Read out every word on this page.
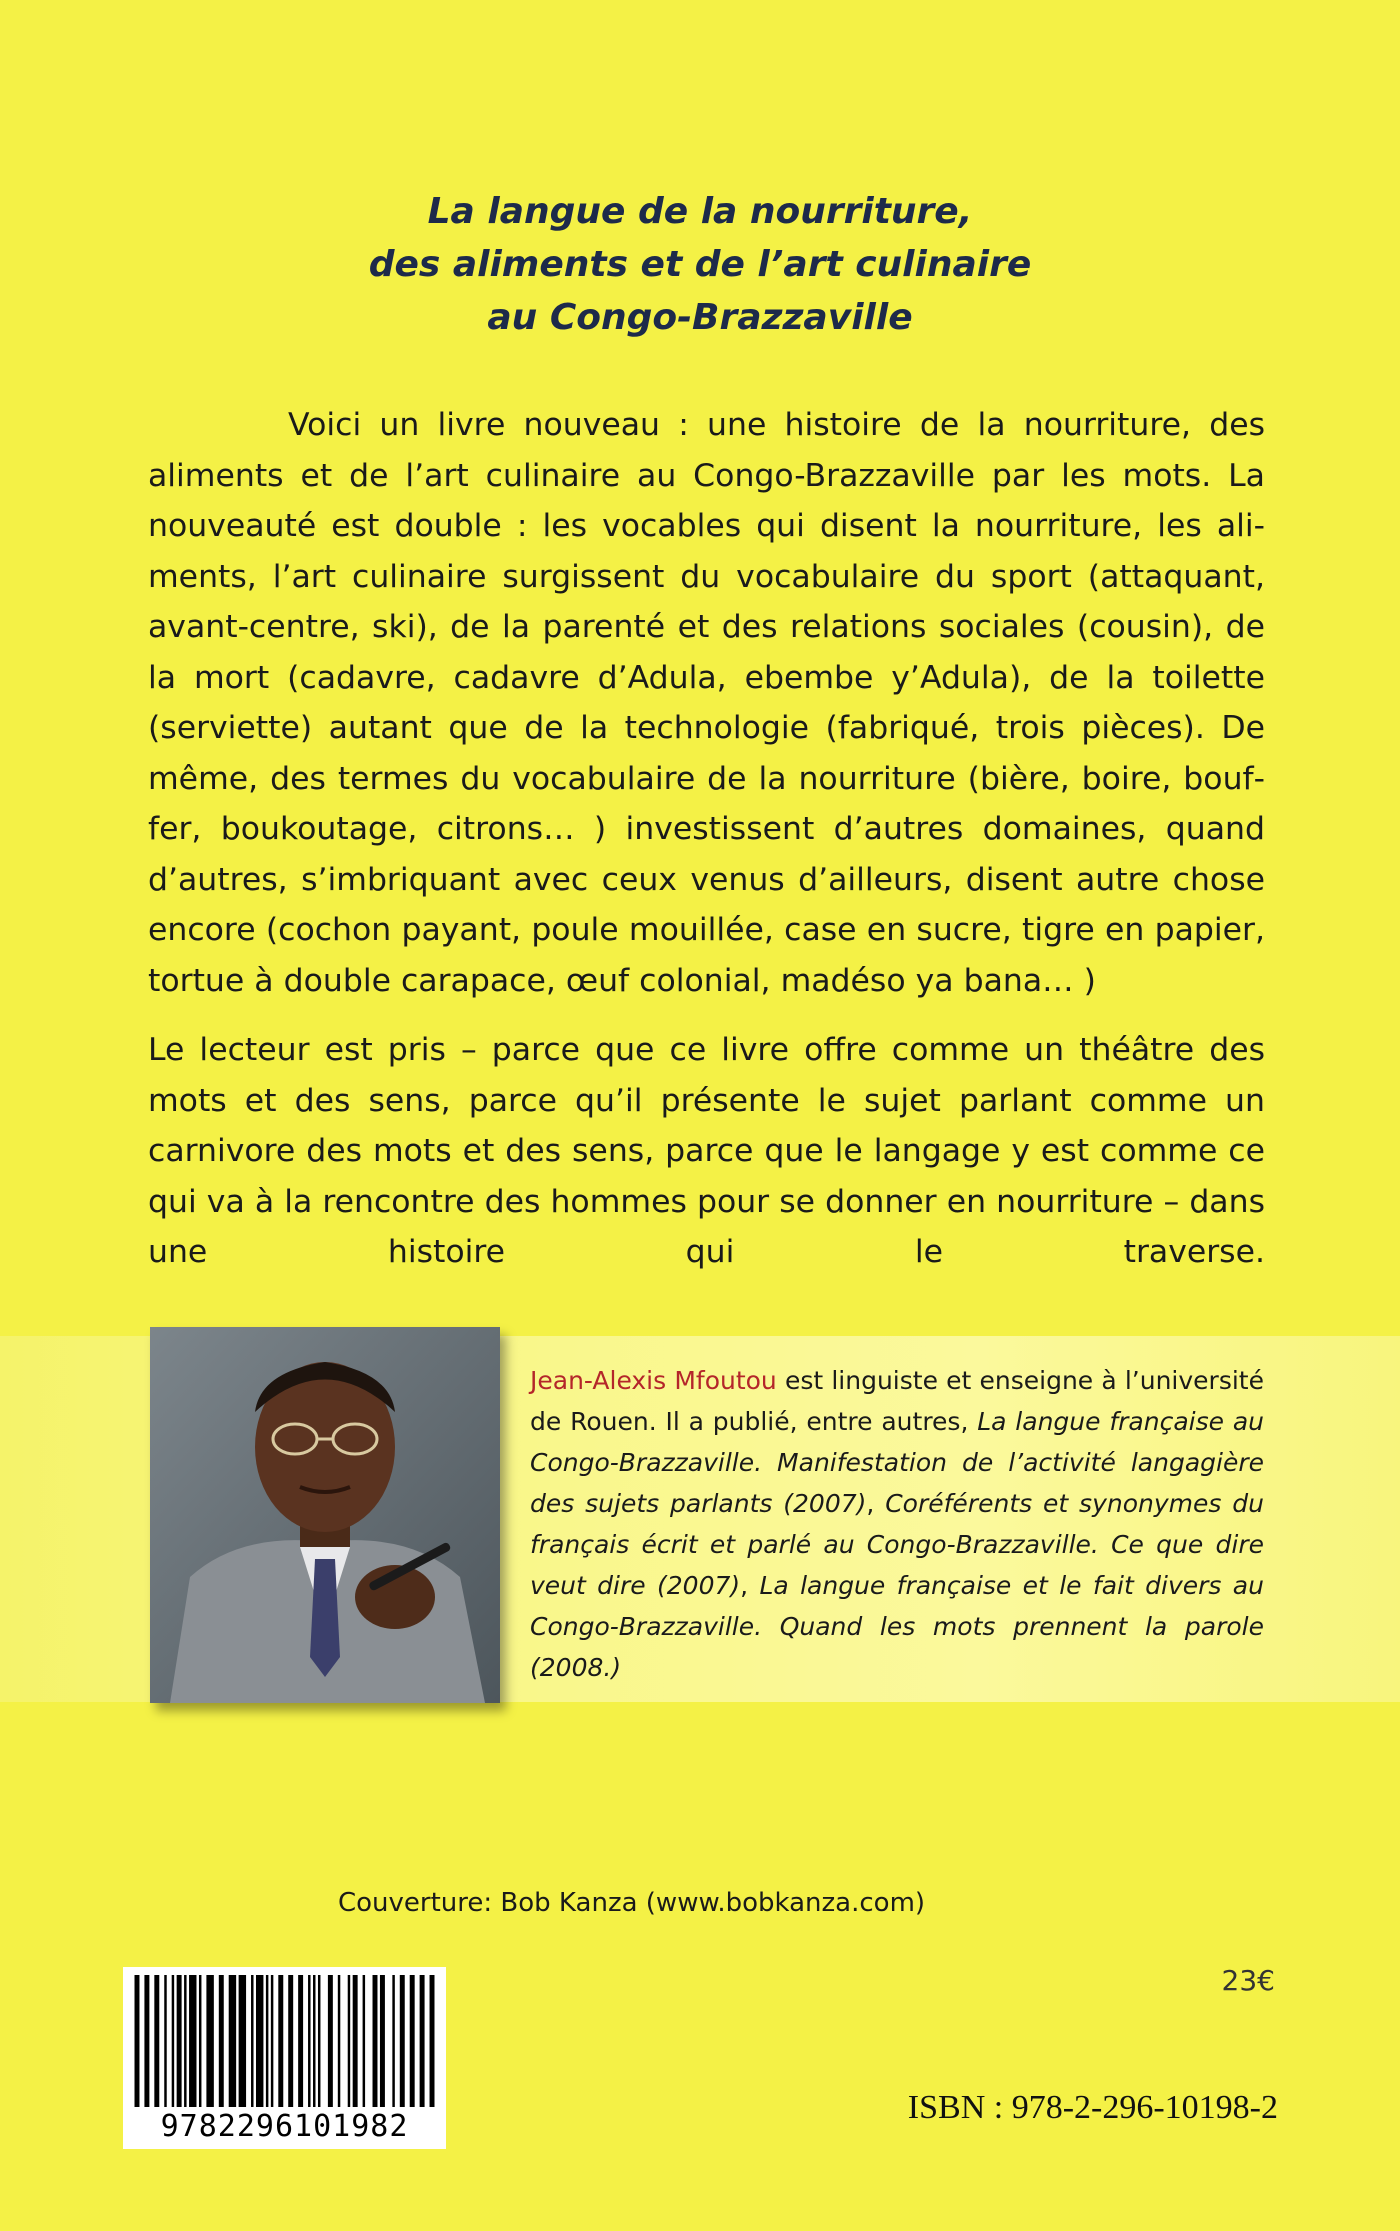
La langue de la nourriture,
des aliments et de l’art culinaire
au Congo-Brazzaville

Voici un livre nouveau : une histoire de la nourriture, des aliments et de l’art culinaire au Congo-Brazzaville par les mots. La nouveauté est double : les vocables qui disent la nourriture, les aliments, l’art culinaire surgissent du vocabulaire du sport (attaquant, avant-centre, ski), de la parenté et des relations sociales (cousin), de la mort (cadavre, cadavre d’Adula, ebembe y’Adula), de la toilette (serviette) autant que de la technologie (fabriqué, trois pièces). De même, des termes du vocabulaire de la nourriture (bière, boire, bouffer, boukoutage, citrons… ) investissent d’autres domaines, quand d’autres, s’imbriquant avec ceux venus d’ailleurs, disent autre chose encore (cochon payant, poule mouillée, case en sucre, tigre en papier, tortue à double carapace, œuf colonial, madéso ya bana… )

Le lecteur est pris – parce que ce livre offre comme un théâtre des mots et des sens, parce qu’il présente le sujet parlant comme un carnivore des mots et des sens, parce que le langage y est comme ce qui va à la rencontre des hommes pour se donner en nourriture – dans une histoire qui le traverse.

Jean-Alexis Mfoutou est linguiste et enseigne à l’université de Rouen. Il a publié, entre autres, La langue française au Congo-Brazzaville. Manifestation de l’activité langagière des sujets parlants (2007), Coréférents et synonymes du français écrit et parlé au Congo-Brazzaville. Ce que dire veut dire (2007), La langue française et le fait divers au Congo-Brazzaville. Quand les mots prennent la parole (2008.)

Couverture: Bob Kanza (www.bobkanza.com)
9782296101982
23€
ISBN : 978-2-296-10198-2
